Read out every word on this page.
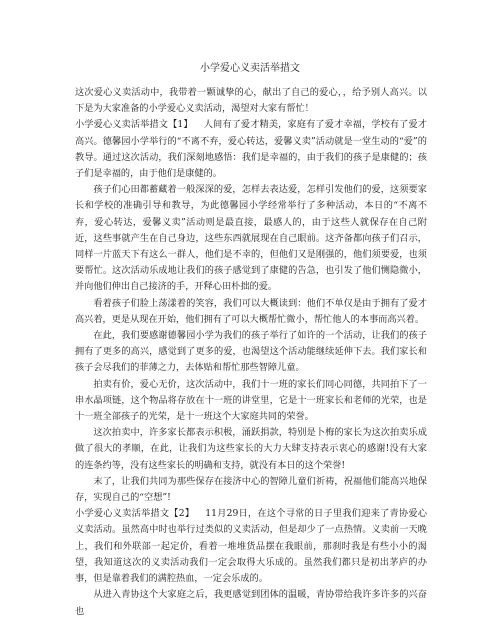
小学爱心义卖活举措文

这次爱心义卖活动中，我带着一颗诚挚的心，献出了自己的爱心，，给予别人高兴。以下是为大家准备的小学爱心义卖活动，渴望对大家有帮忙！

小学爱心义卖活举措文【1】 人间有了爱才精美，家庭有了爱才幸福，学校有了爱才高兴。德馨园小学举行的“不离不弃，爱心转达，爱馨义卖”活动就是一堂生动的“爱”的教导。通过这次活动，我们深刻地感悟：我们是幸福的，由于我们的孩子是康健的；孩子们是幸福的，由于他们是康健的。

孩子们心田都蓄藏着一般深深的爱，怎样去表达爱，怎样引发他们的爱，这须要家长和学校的准确引导和教导，为此德馨园小学经常举行了多种活动，本日的“不离不弃，爱心转达，爱馨义卖”活动则是最直接，最感人的，由于这些人就保存在自己附近，这些事就产生在自己身边，这些东西就展现在自己眼前。这齐备都向孩子们召示，同样一片蓝天下有这么一群人，他们是不幸的，但他们又是刚强的，他们须要爱，也须要帮忙。这次活动乐成地让我们的孩子感觉到了康健的告急，也引发了他们恻隐微小，并向他们伸出自己接济的手，开释心田朴拙的爱。

看着孩子们脸上荡漾着的笑容，我们可以大概读到：他们不单仅是由于拥有了爱才高兴着，更是从现在开始，他们拥有了可以大概帮忙微小，帮忙他人的本事而高兴着。

在此，我们要感谢德馨园小学为我们的孩子举行了如许的一个活动，让我们的孩子拥有了更多的高兴，感觉到了更多的爱，也渴望这个活动能继续延伸下去。我们家长和孩子会尽我们的菲薄之力，去体贴和帮忙那些智障儿童。

拍卖有价，爱心无价，这次活动中，我们十一班的家长们同心同德，共同拍下了一串水晶项链，这个物品将存放在十一班的讲堂里，它是十一班家长和老师的光荣，也是十一班全部孩子的光荣，是十一班这个大家庭共同的荣誉。

这次拍卖中，许多家长都表示积极，涌跃捐款，特别是卜梅的家长为这次拍卖乐成做了很大的孝顺，在此，让我们为这些家长的大力大肆支持表示衷心的感谢!没有大家的连条约等，没有这些家长的明确和支持，就没有本日的这个荣誉!

末了，让我们共同为那些保存在接济中心的智障儿童们祈祷，祝福他们能高兴地保存，实现自己的“空想”!

小学爱心义卖活举措文【2】 11月29日，在这个寻常的日子里我们迎来了青协爱心义卖活动。虽然高中时也举行过类似的义卖活动，但是却少了一点热情。义卖前一天晚上，我们和外联部一起定价，看着一堆堆货品摆在我眼前，那刹时我是有些小小的渴望，我知道这次的义卖活动我们一定会取得大乐成的。虽然我们都只是初出茅庐的办事，但是靠着我们的满腔热血，一定会乐成的。

从进入青协这个大家庭之后，我更感觉到团体的温暖，青协带给我许多许多的兴奋也
